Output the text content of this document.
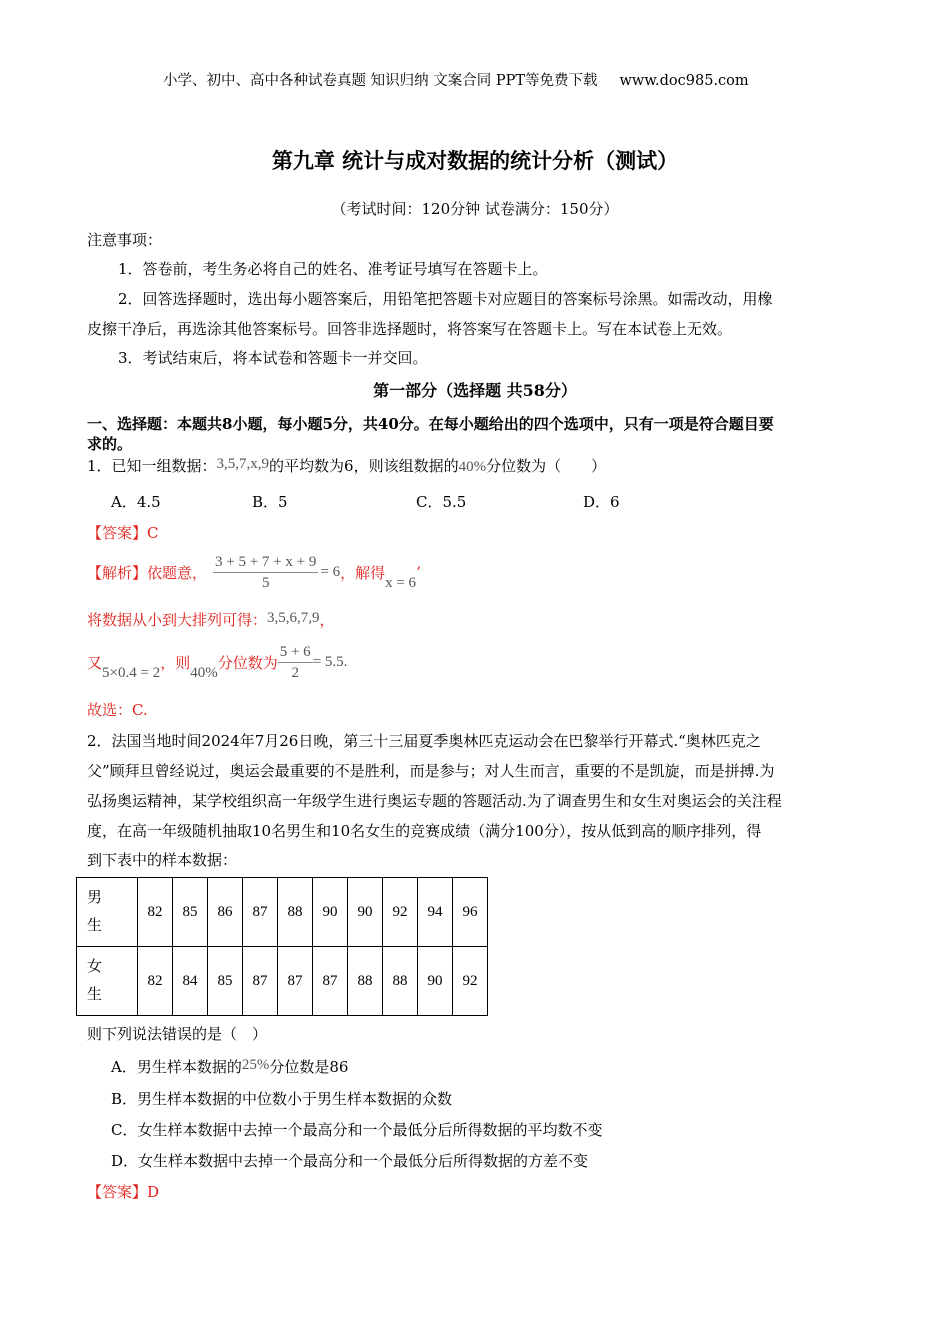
小学、初中、高中各种试卷真题 知识归纳 文案合同 PPT等免费下载 www.doc985.com
第九章 统计与成对数据的统计分析（测试）
（考试时间：120分钟 试卷满分：150分）
注意事项：
1．答卷前，考生务必将自己的姓名、准考证号填写在答题卡上。
2．回答选择题时，选出每小题答案后，用铅笔把答题卡对应题目的答案标号涂黑。如需改动，用橡
皮擦干净后，再选涂其他答案标号。回答非选择题时，将答案写在答题卡上。写在本试卷上无效。
3．考试结束后，将本试卷和答题卡一并交回。
第一部分（选择题 共58分）
一、选择题：本题共8小题，每小题5分，共40分。在每小题给出的四个选项中，只有一项是符合题目要
求的。
1．已知一组数据：3,5,7,x,9的平均数为6，则该组数据的40%分位数为（　　）
A．4.5	B．5	C．5.5	D．6
【答案】C
【解析】依题意， $\frac{3 + 5 + 7 + x + 9}{5} = 6$，解得x = 6’
将数据从小到大排列可得：3,5,6,7,9，
又5×0.4 = 2，则40%分位数为 $\frac{5 + 6}{2} = 5.5$.
故选：C.
2．法国当地时间2024年7月26日晚，第三十三届夏季奥林匹克运动会在巴黎举行开幕式.“奥林匹克之
父”顾拜旦曾经说过，奥运会最重要的不是胜利，而是参与；对人生而言，重要的不是凯旋，而是拼搏.为
弘扬奥运精神，某学校组织高一年级学生进行奥运专题的答题活动.为了调查男生和女生对奥运会的关注程
度，在高一年级随机抽取10名男生和10名女生的竞赛成绩（满分100分），按从低到高的顺序排列，得
到下表中的样本数据：
男
生	82	85	86	87	88	90	90	92	94	96
女
生	82	84	85	87	87	87	88	88	90	92
则下列说法错误的是（　）
A．男生样本数据的25%分位数是86
B．男生样本数据的中位数小于男生样本数据的众数
C．女生样本数据中去掉一个最高分和一个最低分后所得数据的平均数不变
D．女生样本数据中去掉一个最高分和一个最低分后所得数据的方差不变
【答案】D
